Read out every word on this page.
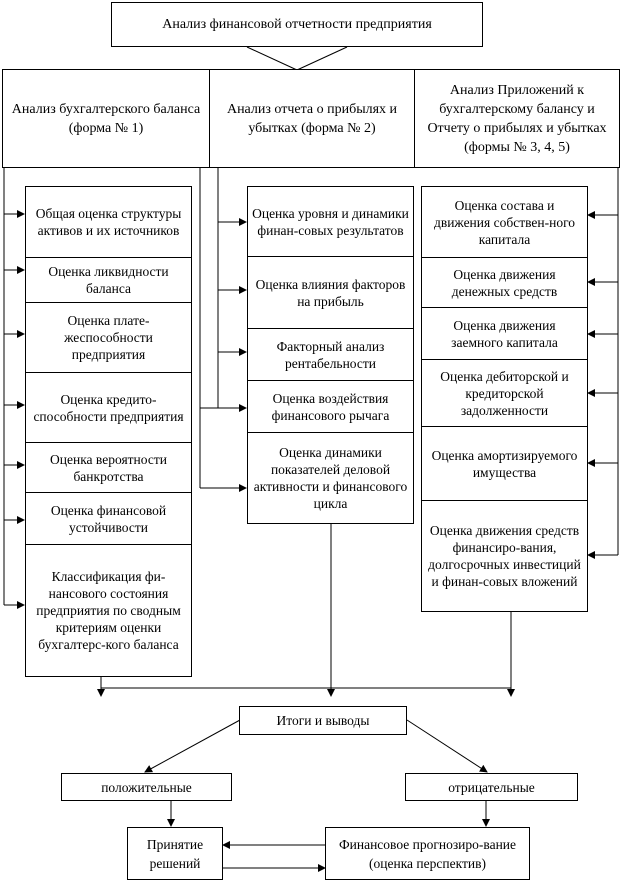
Анализ финансовой отчетности предприятия
Анализ бухгалтерского баланса (форма № 1)
Анализ отчета о прибылях и убытках (форма № 2)
Анализ Приложений к бухгалтерскому балансу и Отчету о прибылях и убытках (формы № 3, 4, 5)
Общая оценка структуры активов и их источников
Оценка ликвидности баланса
Оценка плате-жеспособности предприятия
Оценка кредито-способности предприятия
Оценка вероятности банкротства
Оценка финансовой устойчивости
Классификация фи-нансового состояния предприятия по сводным критериям оценки бухгалтерс-кого баланса
Оценка уровня и динамики финан-совых результатов
Оценка влияния факторов на прибыль
Факторный анализ рентабельности
Оценка воздействия финансового рычага
Оценка динамики показателей деловой активности и финансового цикла
Оценка состава и движения собствен-ного капитала
Оценка движения денежных средств
Оценка движения заемного капитала
Оценка дебиторской и кредиторской задолженности
Оценка амортизируемого имущества
Оценка движения средств финансиро-вания, долгосрочных инвестиций и финан-совых вложений
Итоги и выводы
положительные	отрицательные
Принятие решений
Финансовое прогнозиро-вание (оценка перспектив)
